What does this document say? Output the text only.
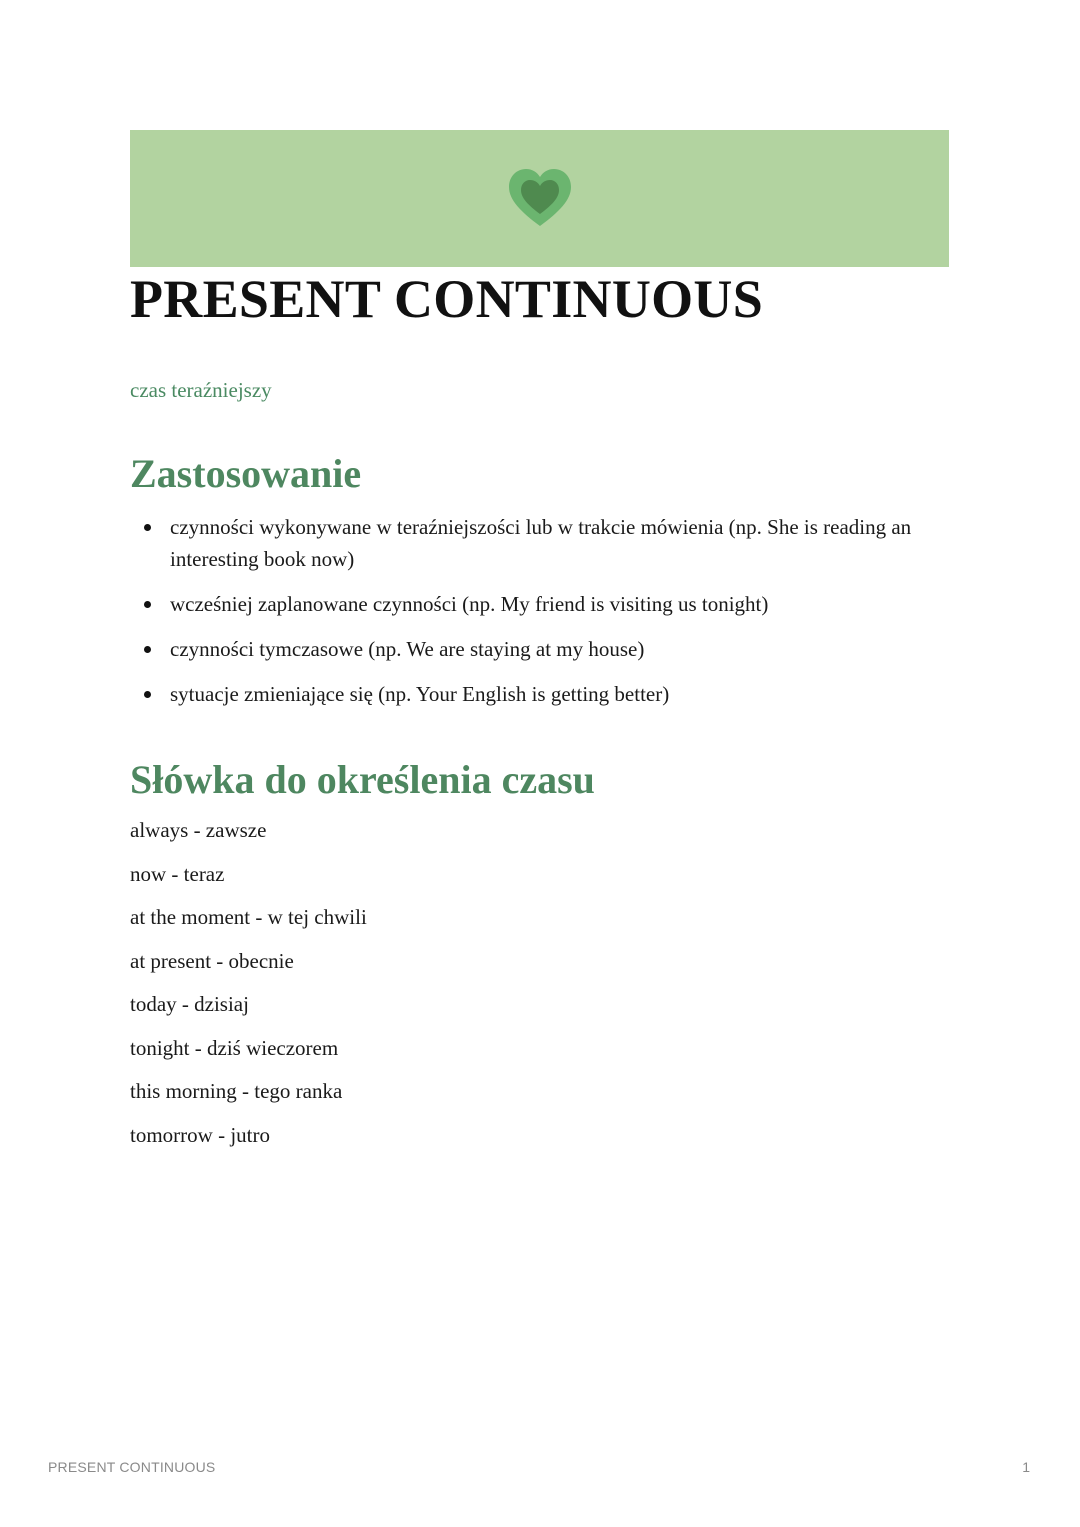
PRESENT CONTINUOUS

czas teraźniejszy

Zastosowanie
czynności wykonywane w teraźniejszości lub w trakcie mówienia (np. She is reading an interesting book now)
wcześniej zaplanowane czynności (np. My friend is visiting us tonight)
czynności tymczasowe (np. We are staying at my house)
sytuacje zmieniające się (np. Your English is getting better)
Słówka do określenia czasu
always - zawsze
now - teraz
at the moment - w tej chwili
at present - obecnie
today - dzisiaj
tonight - dziś wieczorem
this morning - tego ranka
tomorrow - jutro
PRESENT CONTINUOUS	1
